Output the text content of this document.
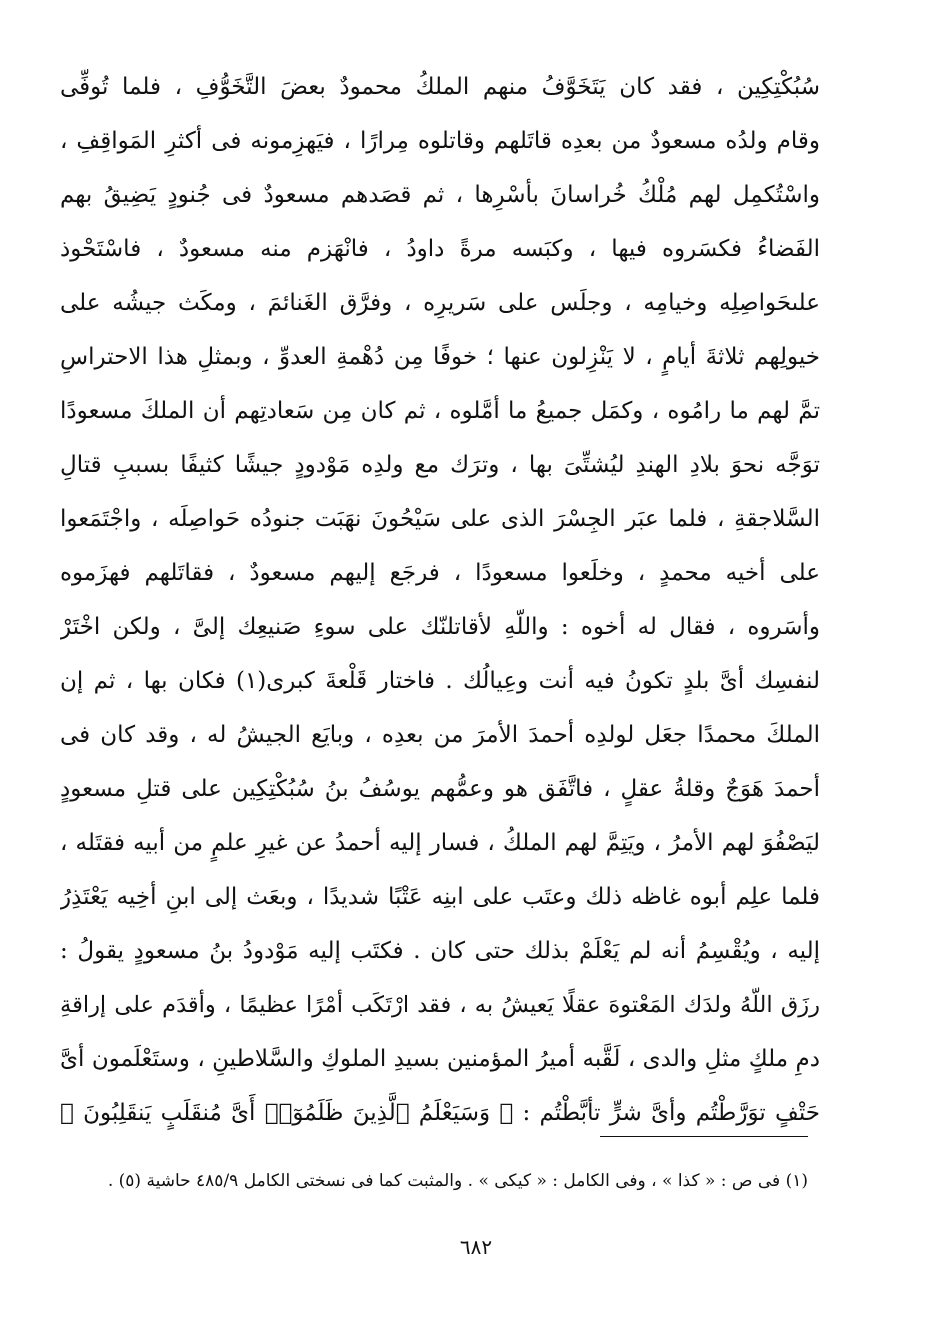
سُبُكْتِكِين ، فقد كان يَتَخَوَّفُ منهم الملكُ محمودٌ بعضَ التَّخَوُّفِ ، فلما تُوفِّى
وقام ولدُه مسعودٌ من بعدِه قاتَلهم وقاتلوه مِرارًا ، فيَهزِمونه فى أكثرِ المَواقِفِ ،
واسْتُكمِل لهم مُلْكُ خُراسانَ بأسْرِها ، ثم قصَدهم مسعودٌ فى جُنودٍ يَضِيقُ بهم
الفَضاءُ فكسَروه فيها ، وكبَسه مرةً داودُ ، فانْهَزم منه مسعودٌ ، فاسْتَحْوذ
علىحَواصِلِه وخيامِه ، وجلَس على سَريرِه ، وفرَّق الغَنائمَ ، ومكَث جيشُه على
خيولِهم ثلاثةَ أيامٍ ، لا يَنْزِلون عنها ؛ خوفًا مِن دُهْمةِ العدوِّ ، وبمثلِ هذا الاحتراسِ
تمَّ لهم ما رامُوه ، وكمَل جميعُ ما أمَّلوه ، ثم كان مِن سَعادتِهم أن الملكَ مسعودًا
توَجَّه نحوَ بلادِ الهندِ ليُشتِّىَ بها ، وترَك مع ولدِه مَوْدودٍ جيشًا كثيفًا بسببِ قتالِ
السَّلاجقةِ ، فلما عبَر الجِسْرَ الذى على سَيْحُونَ نهَبَت جنودُه حَواصِلَه ، واجْتَمَعوا
على أخيه محمدٍ ، وخلَعوا مسعودًا ، فرجَع إليهم مسعودٌ ، فقاتَلهم فهزَموه
وأسَروه ، فقال له أخوه : واللّهِ لأقاتلنّك على سوءِ صَنيعِك إلىَّ ، ولكن اخْتَرْ
لنفسِك أىَّ بلدٍ تكونُ فيه أنت وعِيالُك . فاختار قَلْعةَ كبرى(١) فكان بها ، ثم إن
الملكَ محمدًا جعَل لولدِه أحمدَ الأمرَ من بعدِه ، وبايَع الجيشُ له ، وقد كان فى
أحمدَ هَوَجٌ وقلةُ عقلٍ ، فاتَّفَق هو وعمُّهم يوسُفُ بنُ سُبُكْتِكِين على قتلِ مسعودٍ
ليَصْفُوَ لهم الأمرُ ، ويَتِمَّ لهم الملكُ ، فسار إليه أحمدُ عن غيرِ علمٍ من أبيه فقتَله ،
فلما علِم أبوه غاظه ذلك وعتَب على ابنِه عَتْبًا شديدًا ، وبعَث إلى ابنِ أخِيه يَعْتَذِرُ
إليه ، ويُقْسِمُ أنه لم يَعْلَمْ بذلك حتى كان . فكتَب إليه مَوْدودُ بنُ مسعودٍ يقولُ :
رزَق اللّهُ ولدَك المَعْتوهَ عقلًا يَعيشُ به ، فقد ارْتَكَب أمْرًا عظيمًا ، وأقدَم على إراقةِ
دمِ ملكٍ مثلِ والدى ، لَقَّبه أميرُ المؤمنين بسيدِ الملوكِ والسَّلاطينِ ، وستَعْلَمون أىَّ
حَتْفٍ توَرَّطْتُم وأىَّ شرٍّ تأبَّطْتُم : ﴿ وَسَيَعْلَمُ ٱلَّذِينَ ظَلَمُوٓا۟ أَىَّ مُنقَلَبٍ يَنقَلِبُونَ ﴾
(١) فى ص : « كذا » ، وفى الكامل : « كيكى » . والمثبت كما فى نسختى الكامل ٤٨٥/٩ حاشية (٥) .
٦٨٢
